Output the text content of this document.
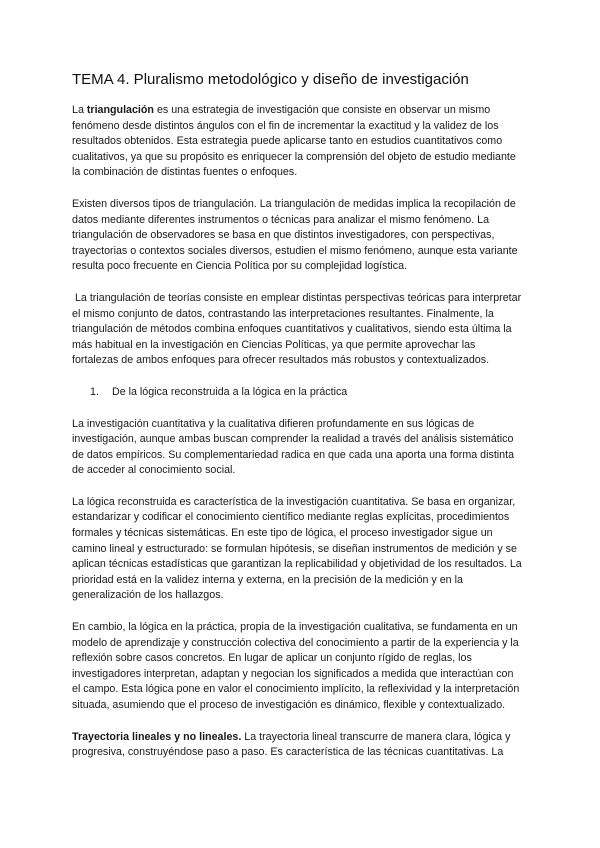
TEMA 4. Pluralismo metodológico y diseño de investigación

La triangulación es una estrategia de investigación que consiste en observar un mismo fenómeno desde distintos ángulos con el fin de incrementar la exactitud y la validez de los resultados obtenidos. Esta estrategia puede aplicarse tanto en estudios cuantitativos como cualitativos, ya que su propósito es enriquecer la comprensión del objeto de estudio mediante la combinación de distintas fuentes o enfoques.

Existen diversos tipos de triangulación. La triangulación de medidas implica la recopilación de datos mediante diferentes instrumentos o técnicas para analizar el mismo fenómeno. La triangulación de observadores se basa en que distintos investigadores, con perspectivas, trayectorias o contextos sociales diversos, estudien el mismo fenómeno, aunque esta variante resulta poco frecuente en Ciencia Política por su complejidad logística.

La triangulación de teorías consiste en emplear distintas perspectivas teóricas para interpretar el mismo conjunto de datos, contrastando las interpretaciones resultantes. Finalmente, la triangulación de métodos combina enfoques cuantitativos y cualitativos, siendo esta última la más habitual en la investigación en Ciencias Políticas, ya que permite aprovechar las fortalezas de ambos enfoques para ofrecer resultados más robustos y contextualizados.

1.	De la lógica reconstruida a la lógica en la práctica

La investigación cuantitativa y la cualitativa difieren profundamente en sus lógicas de investigación, aunque ambas buscan comprender la realidad a través del análisis sistemático de datos empíricos. Su complementariedad radica en que cada una aporta una forma distinta de acceder al conocimiento social.

La lógica reconstruida es característica de la investigación cuantitativa. Se basa en organizar, estandarizar y codificar el conocimiento científico mediante reglas explícitas, procedimientos formales y técnicas sistemáticas. En este tipo de lógica, el proceso investigador sigue un camino lineal y estructurado: se formulan hipótesis, se diseñan instrumentos de medición y se aplican técnicas estadísticas que garantizan la replicabilidad y objetividad de los resultados. La prioridad está en la validez interna y externa, en la precisión de la medición y en la generalización de los hallazgos.

En cambio, la lógica en la práctica, propia de la investigación cualitativa, se fundamenta en un modelo de aprendizaje y construcción colectiva del conocimiento a partir de la experiencia y la reflexión sobre casos concretos. En lugar de aplicar un conjunto rígido de reglas, los investigadores interpretan, adaptan y negocian los significados a medida que interactúan con el campo. Esta lógica pone en valor el conocimiento implícito, la reflexividad y la interpretación situada, asumiendo que el proceso de investigación es dinámico, flexible y contextualizado.

Trayectoria lineales y no lineales. La trayectoria lineal transcurre de manera clara, lógica y progresiva, construyéndose paso a paso. Es característica de las técnicas cuantitativas. La
